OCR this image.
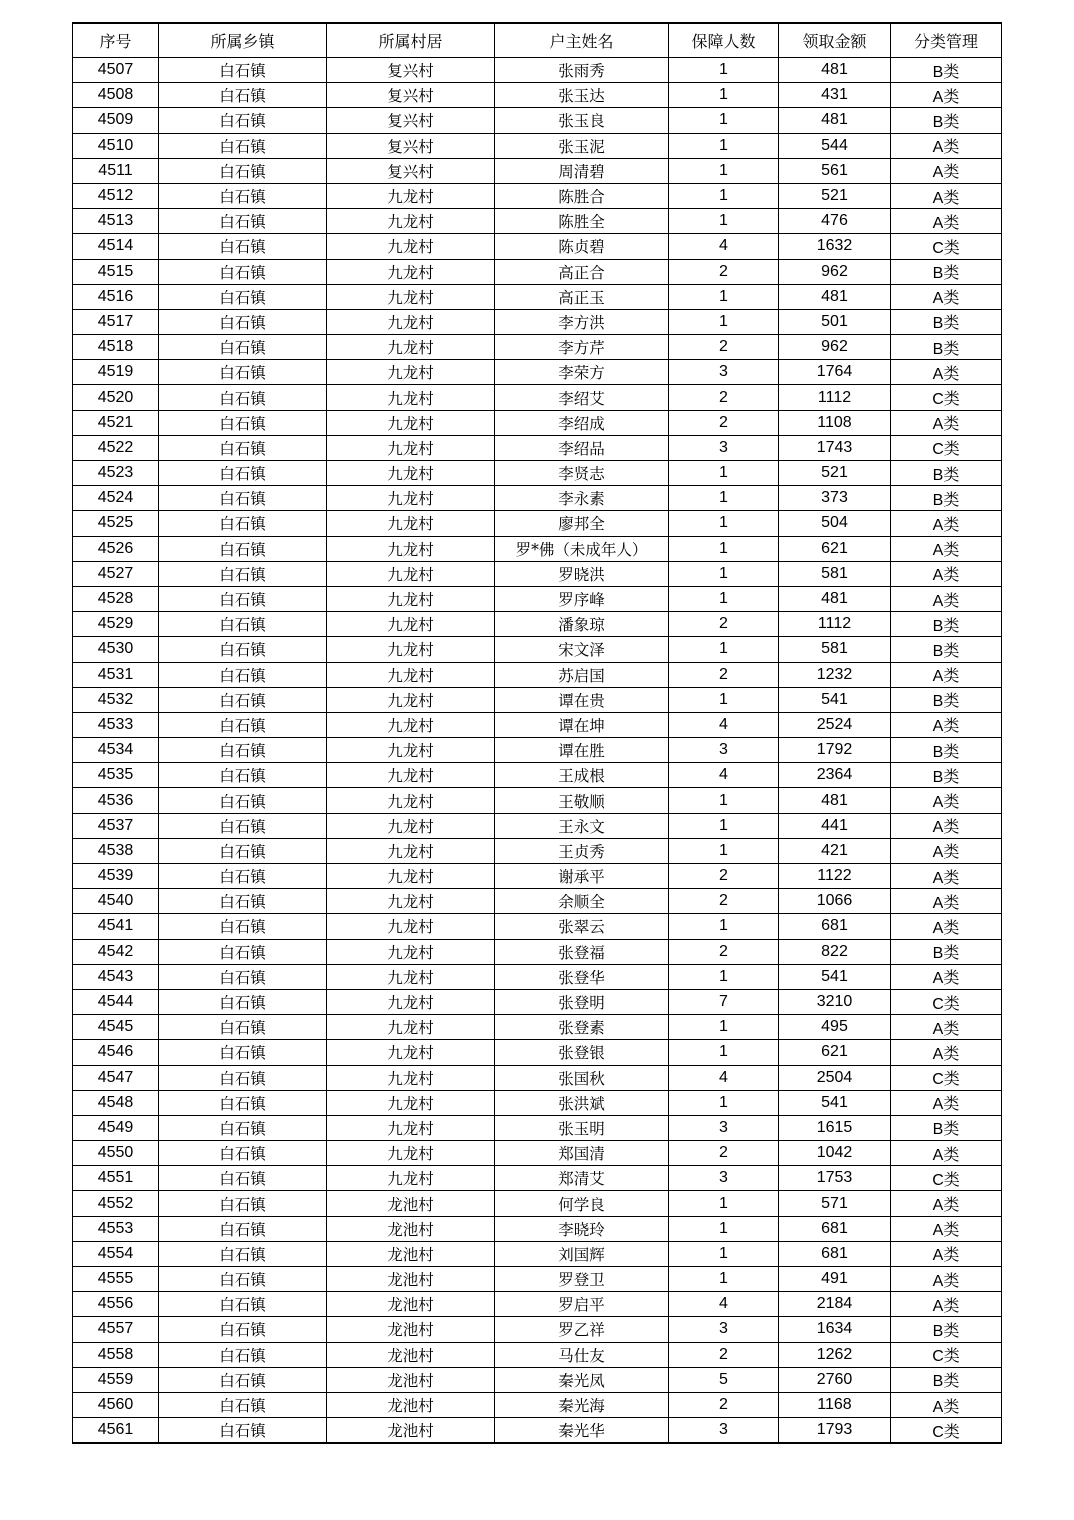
序号	所属乡镇	所属村居	户主姓名	保障人数	领取金额	分类管理
4507	白石镇	复兴村	张雨秀	1	481	B类
4508	白石镇	复兴村	张玉达	1	431	A类
4509	白石镇	复兴村	张玉良	1	481	B类
4510	白石镇	复兴村	张玉泥	1	544	A类
4511	白石镇	复兴村	周清碧	1	561	A类
4512	白石镇	九龙村	陈胜合	1	521	A类
4513	白石镇	九龙村	陈胜全	1	476	A类
4514	白石镇	九龙村	陈贞碧	4	1632	C类
4515	白石镇	九龙村	高正合	2	962	B类
4516	白石镇	九龙村	高正玉	1	481	A类
4517	白石镇	九龙村	李方洪	1	501	B类
4518	白石镇	九龙村	李方芹	2	962	B类
4519	白石镇	九龙村	李荣方	3	1764	A类
4520	白石镇	九龙村	李绍艾	2	1112	C类
4521	白石镇	九龙村	李绍成	2	1108	A类
4522	白石镇	九龙村	李绍品	3	1743	C类
4523	白石镇	九龙村	李贤志	1	521	B类
4524	白石镇	九龙村	李永素	1	373	B类
4525	白石镇	九龙村	廖邦全	1	504	A类
4526	白石镇	九龙村	罗*佛（未成年人）	1	621	A类
4527	白石镇	九龙村	罗晓洪	1	581	A类
4528	白石镇	九龙村	罗序峰	1	481	A类
4529	白石镇	九龙村	潘象琼	2	1112	B类
4530	白石镇	九龙村	宋文泽	1	581	B类
4531	白石镇	九龙村	苏启国	2	1232	A类
4532	白石镇	九龙村	谭在贵	1	541	B类
4533	白石镇	九龙村	谭在坤	4	2524	A类
4534	白石镇	九龙村	谭在胜	3	1792	B类
4535	白石镇	九龙村	王成根	4	2364	B类
4536	白石镇	九龙村	王敬顺	1	481	A类
4537	白石镇	九龙村	王永文	1	441	A类
4538	白石镇	九龙村	王贞秀	1	421	A类
4539	白石镇	九龙村	谢承平	2	1122	A类
4540	白石镇	九龙村	余顺全	2	1066	A类
4541	白石镇	九龙村	张翠云	1	681	A类
4542	白石镇	九龙村	张登福	2	822	B类
4543	白石镇	九龙村	张登华	1	541	A类
4544	白石镇	九龙村	张登明	7	3210	C类
4545	白石镇	九龙村	张登素	1	495	A类
4546	白石镇	九龙村	张登银	1	621	A类
4547	白石镇	九龙村	张国秋	4	2504	C类
4548	白石镇	九龙村	张洪斌	1	541	A类
4549	白石镇	九龙村	张玉明	3	1615	B类
4550	白石镇	九龙村	郑国清	2	1042	A类
4551	白石镇	九龙村	郑清艾	3	1753	C类
4552	白石镇	龙池村	何学良	1	571	A类
4553	白石镇	龙池村	李晓玲	1	681	A类
4554	白石镇	龙池村	刘国辉	1	681	A类
4555	白石镇	龙池村	罗登卫	1	491	A类
4556	白石镇	龙池村	罗启平	4	2184	A类
4557	白石镇	龙池村	罗乙祥	3	1634	B类
4558	白石镇	龙池村	马仕友	2	1262	C类
4559	白石镇	龙池村	秦光凤	5	2760	B类
4560	白石镇	龙池村	秦光海	2	1168	A类
4561	白石镇	龙池村	秦光华	3	1793	C类
